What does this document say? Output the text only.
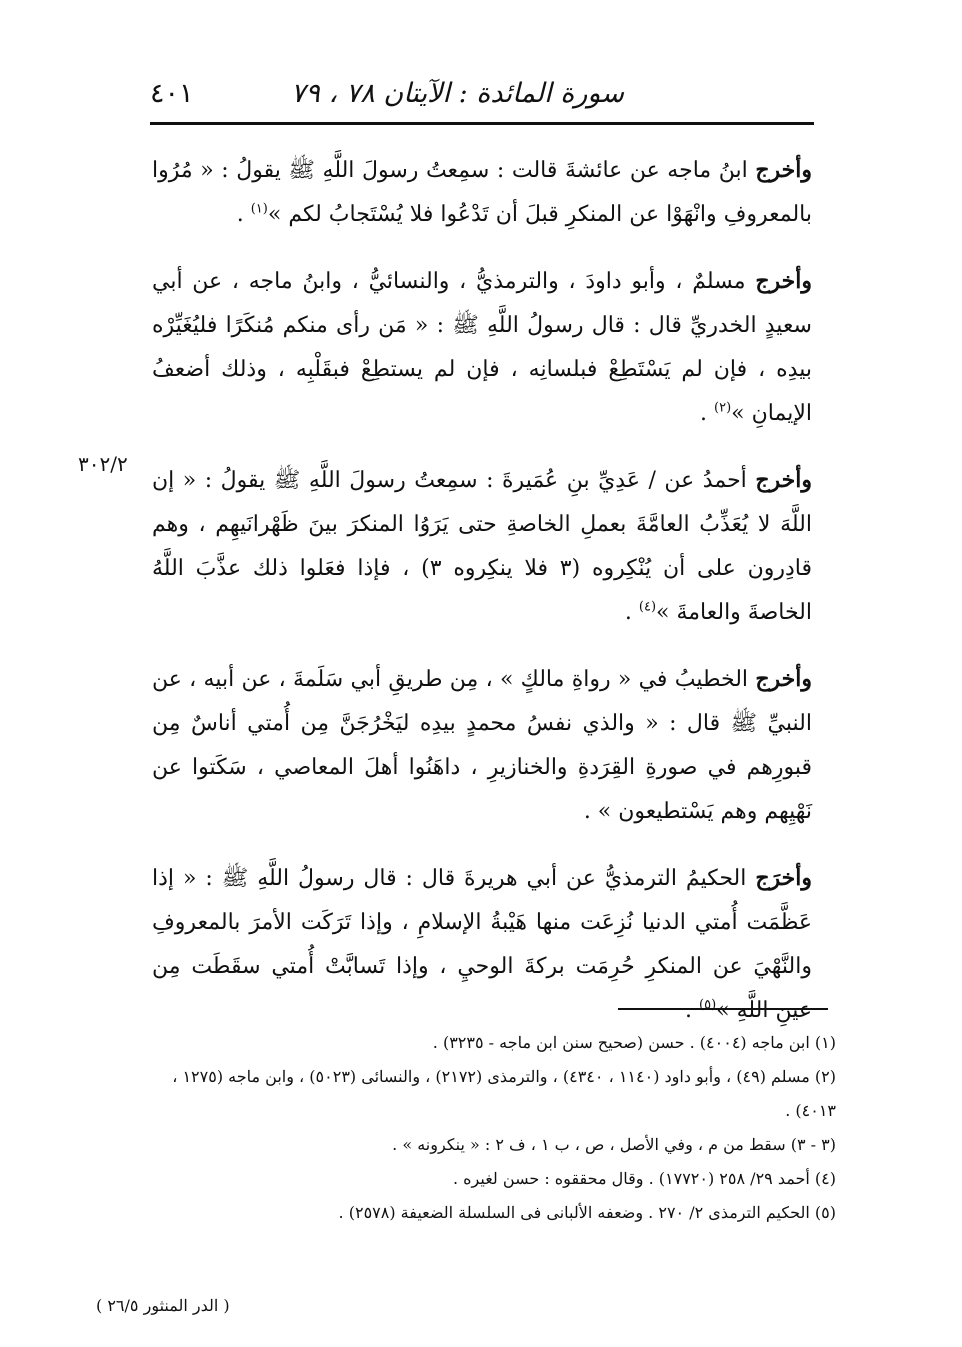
سورة المائدة : الآيتان ٧٨ ، ٧٩
٤٠١
٣٠٢/٢

وأخرج ابنُ ماجه عن عائشةَ قالت : سمِعتُ رسولَ اللَّهِ ﷺ يقولُ : « مُرُوا بالمعروفِ وانْهَوْا عن المنكرِ قبلَ أن تَدْعُوا فلا يُسْتَجابُ لكم »$^{(١)}$ .

وأخرج مسلمٌ ، وأبو داودَ ، والترمذيُّ ، والنسائيُّ ، وابنُ ماجه ، عن أبي سعيدٍ الخدريِّ قال : قال رسولُ اللَّهِ ﷺ : « مَن رأى منكم مُنكَرًا فليُغَيِّرْه بيدِه ، فإن لم يَسْتَطِعْ فبلسانِه ، فإن لم يستطِعْ فبقَلْبِه ، وذلك أضعفُ الإيمانِ »$^{(٢)}$ .

وأخرج أحمدُ عن / عَدِيِّ بنِ عُمَيرةَ : سمِعتُ رسولَ اللَّهِ ﷺ يقولُ : « إن اللَّهَ لا يُعَذِّبُ العامَّةَ بعملِ الخاصةِ حتى يَرَوُا المنكرَ بينَ ظَهْرانَيهِم ، وهم قادِرون على أن يُنْكِروه (٣ فلا ينكِروه ٣) ، فإذا فعَلوا ذلك عذَّبَ اللَّهُ الخاصةَ والعامةَ »$^{(٤)}$ .

وأخرج الخطيبُ في « رواةِ مالكٍ » ، مِن طريقِ أبي سَلَمةَ ، عن أبيه ، عن النبيِّ ﷺ قال : « والذي نفسُ محمدٍ بيدِه ليَخْرُجَنَّ مِن أُمتي أناسٌ مِن قبورِهم في صورةِ القِرَدةِ والخنازيرِ ، داهَنُوا أهلَ المعاصي ، سَكَتوا عن نَهْيِهم وهم يَسْتطيعون » .

وأخرَج الحكيمُ الترمذيُّ عن أبي هريرةَ قال : قال رسولُ اللَّهِ ﷺ : « إذا عَظَّمَت أُمتي الدنيا نُزِعَت منها هَيْبةُ الإسلامِ ، وإذا تَرَكَت الأمرَ بالمعروفِ والنَّهْيَ عن المنكرِ حُرِمَت بركةَ الوحيِ ، وإذا تَسابَّتْ أُمتي سقَطَت مِن عينِ اللَّهِ »$^{(٥)}$ .

(١) ابن ماجه (٤٠٠٤) . حسن (صحيح سنن ابن ماجه - ٣٢٣٥) .

(٢) مسلم (٤٩) ، وأبو داود (١١٤٠ ، ٤٣٤٠) ، والترمذى (٢١٧٢) ، والنسائى (٥٠٢٣) ، وابن ماجه (١٢٧٥ ، ٤٠١٣) .

(٣ - ٣) سقط من م ، وفي الأصل ، ص ، ب ١ ، ف ٢ : « ينكرونه » .

(٤) أحمد ٢٩/ ٢٥٨ (١٧٧٢٠) . وقال محققوه : حسن لغيره .

(٥) الحكيم الترمذى ٢/ ٢٧٠ . وضعفه الألبانى فى السلسلة الضعيفة (٢٥٧٨) .

( الدر المنثور ٢٦/٥ )
